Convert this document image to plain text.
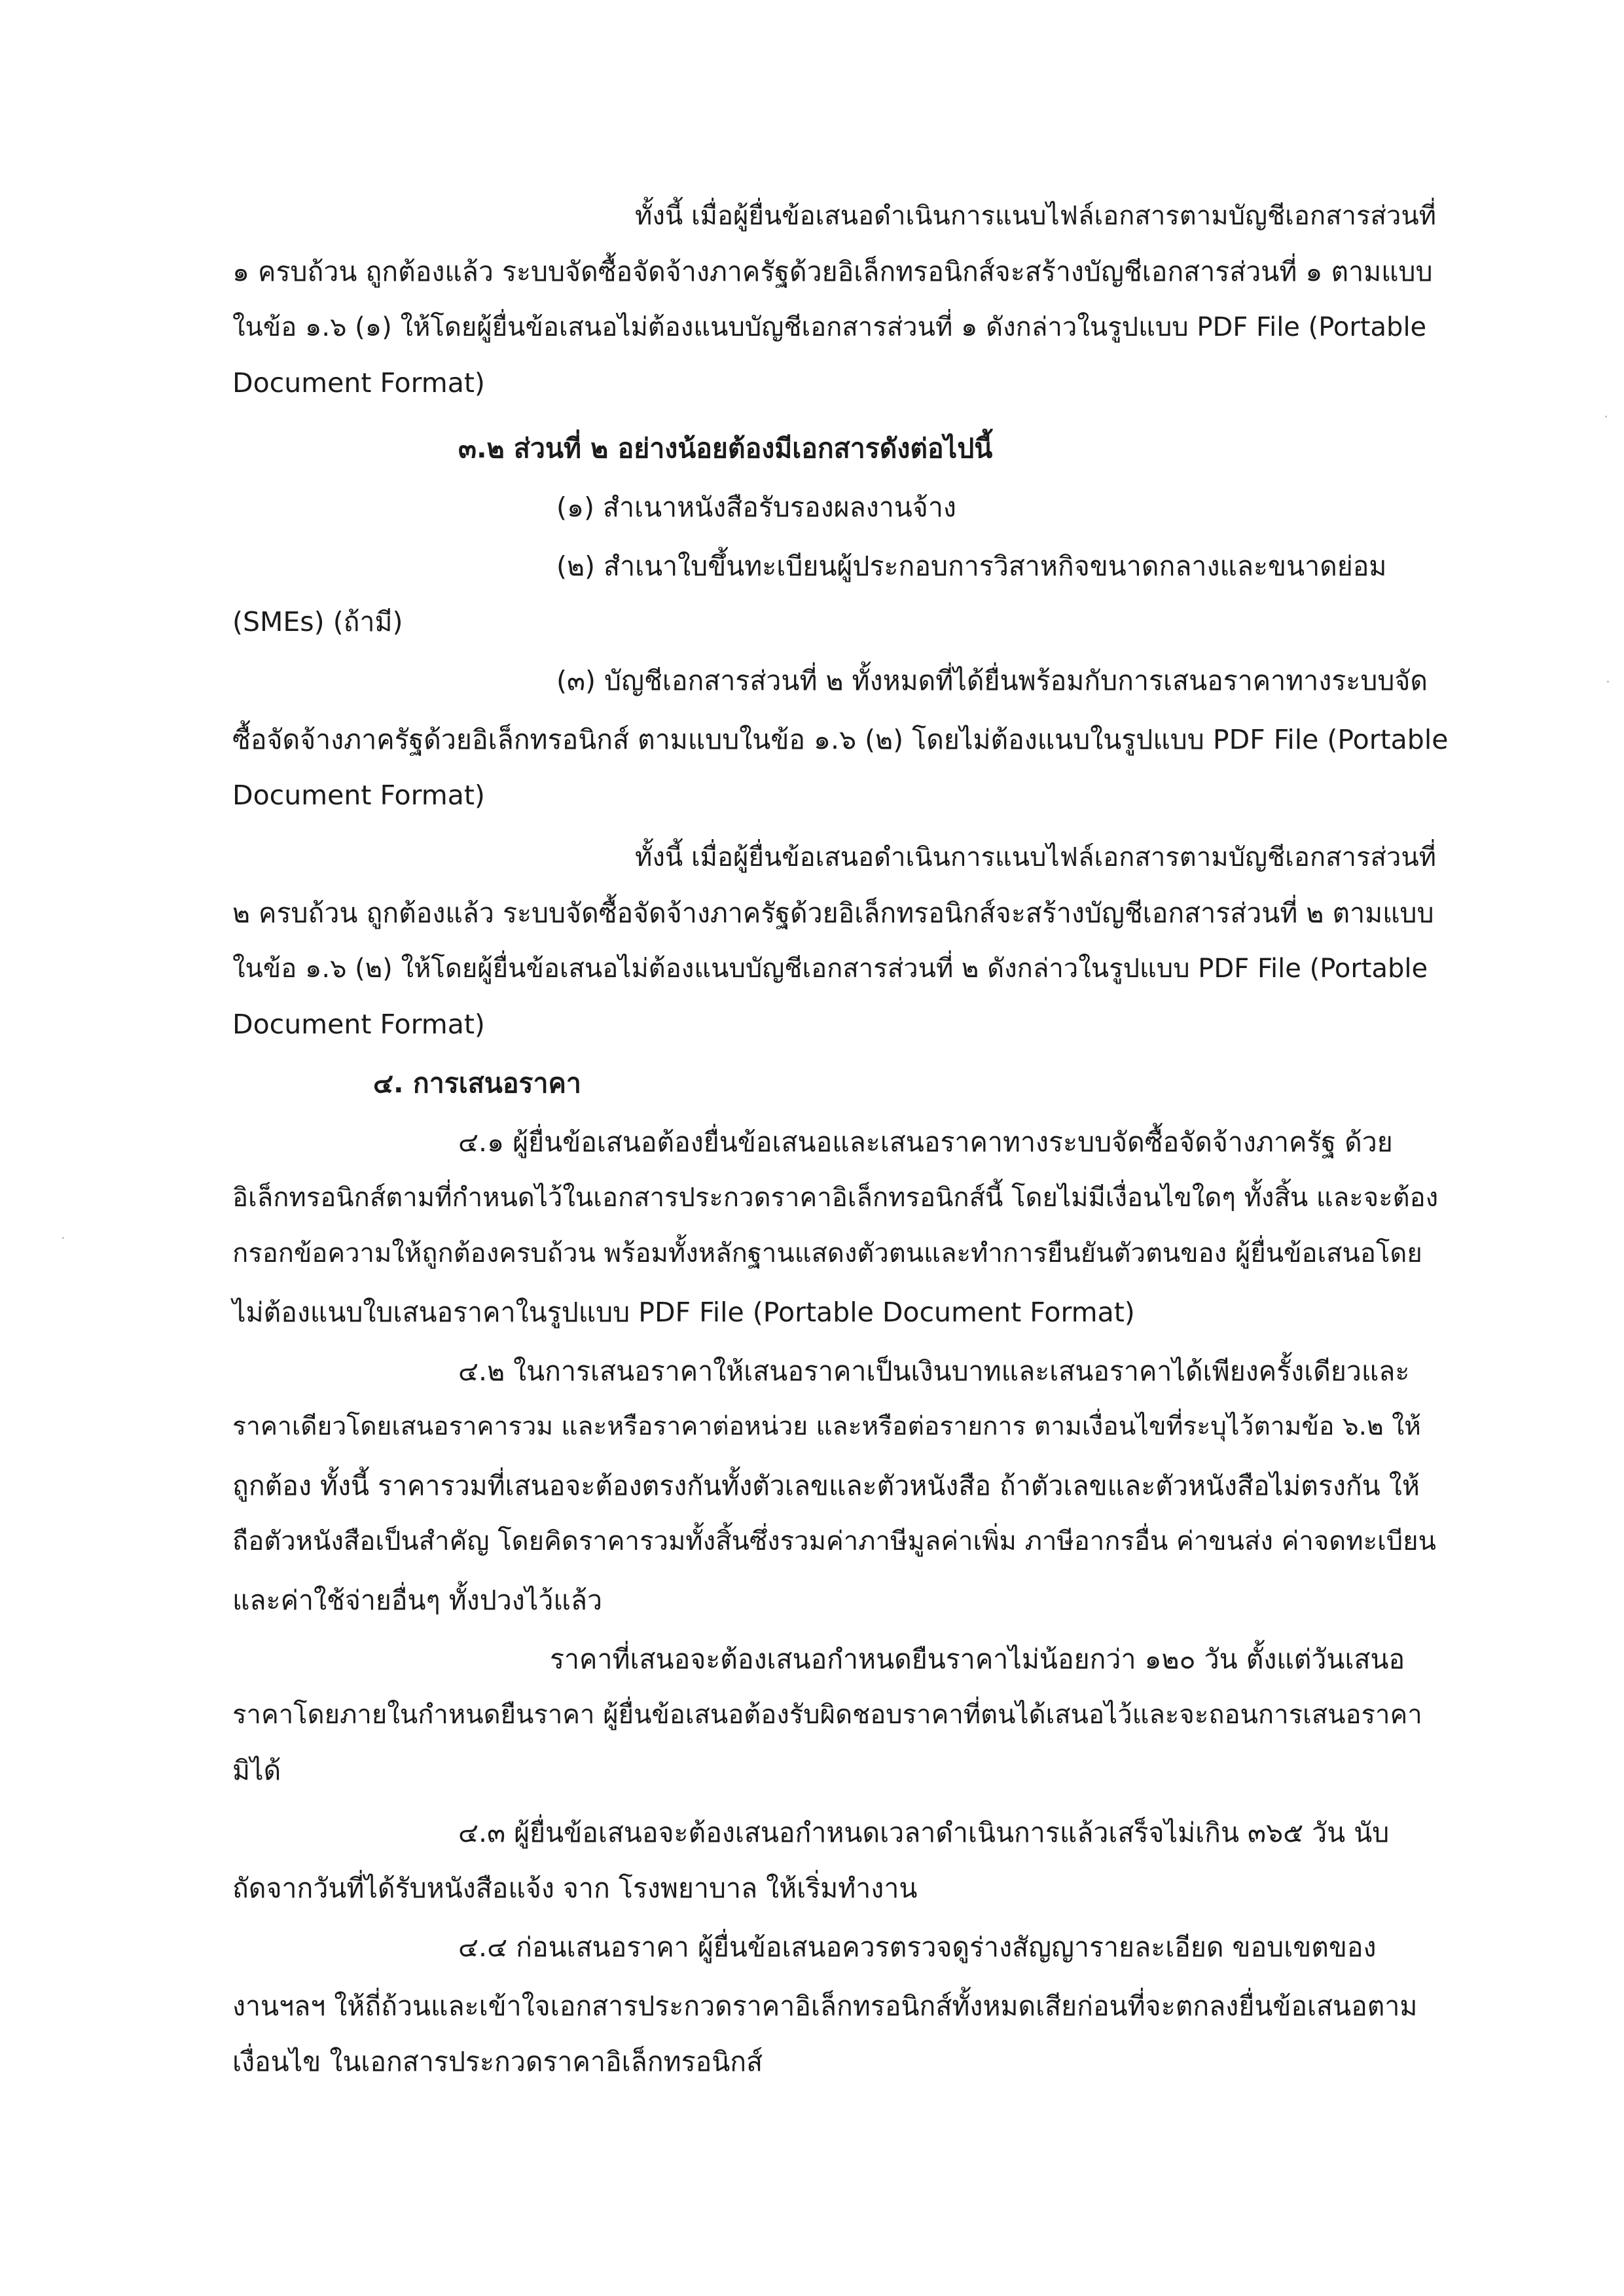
ทั้งนี้ เมื่อผู้ยื่นข้อเสนอดำเนินการแนบไฟล์เอกสารตามบัญชีเอกสารส่วนที่
๑ ครบถ้วน ถูกต้องแล้ว ระบบจัดซื้อจัดจ้างภาครัฐด้วยอิเล็กทรอนิกส์จะสร้างบัญชีเอกสารส่วนที่ ๑ ตามแบบ
ในข้อ ๑.๖ (๑) ให้โดยผู้ยื่นข้อเสนอไม่ต้องแนบบัญชีเอกสารส่วนที่ ๑ ดังกล่าวในรูปแบบ PDF File (Portable
Document Format)
๓.๒ ส่วนที่ ๒ อย่างน้อยต้องมีเอกสารดังต่อไปนี้
(๑) สำเนาหนังสือรับรองผลงานจ้าง
(๒) สำเนาใบขึ้นทะเบียนผู้ประกอบการวิสาหกิจขนาดกลางและขนาดย่อม
(SMEs) (ถ้ามี)
(๓) บัญชีเอกสารส่วนที่ ๒ ทั้งหมดที่ได้ยื่นพร้อมกับการเสนอราคาทางระบบจัด
ซื้อจัดจ้างภาครัฐด้วยอิเล็กทรอนิกส์ ตามแบบในข้อ ๑.๖ (๒) โดยไม่ต้องแนบในรูปแบบ PDF File (Portable
Document Format)
ทั้งนี้ เมื่อผู้ยื่นข้อเสนอดำเนินการแนบไฟล์เอกสารตามบัญชีเอกสารส่วนที่
๒ ครบถ้วน ถูกต้องแล้ว ระบบจัดซื้อจัดจ้างภาครัฐด้วยอิเล็กทรอนิกส์จะสร้างบัญชีเอกสารส่วนที่ ๒ ตามแบบ
ในข้อ ๑.๖ (๒) ให้โดยผู้ยื่นข้อเสนอไม่ต้องแนบบัญชีเอกสารส่วนที่ ๒ ดังกล่าวในรูปแบบ PDF File (Portable
Document Format)
๔. การเสนอราคา
๔.๑ ผู้ยื่นข้อเสนอต้องยื่นข้อเสนอและเสนอราคาทางระบบจัดซื้อจัดจ้างภาครัฐ ด้วย
อิเล็กทรอนิกส์ตามที่กำหนดไว้ในเอกสารประกวดราคาอิเล็กทรอนิกส์นี้ โดยไม่มีเงื่อนไขใดๆ ทั้งสิ้น และจะต้อง
กรอกข้อความให้ถูกต้องครบถ้วน พร้อมทั้งหลักฐานแสดงตัวตนและทำการยืนยันตัวตนของ ผู้ยื่นข้อเสนอโดย
ไม่ต้องแนบใบเสนอราคาในรูปแบบ PDF File (Portable Document Format)
๔.๒ ในการเสนอราคาให้เสนอราคาเป็นเงินบาทและเสนอราคาได้เพียงครั้งเดียวและ
ราคาเดียวโดยเสนอราคารวม และหรือราคาต่อหน่วย และหรือต่อรายการ ตามเงื่อนไขที่ระบุไว้ตามข้อ ๖.๒ ให้
ถูกต้อง ทั้งนี้ ราคารวมที่เสนอจะต้องตรงกันทั้งตัวเลขและตัวหนังสือ ถ้าตัวเลขและตัวหนังสือไม่ตรงกัน ให้
ถือตัวหนังสือเป็นสำคัญ โดยคิดราคารวมทั้งสิ้นซึ่งรวมค่าภาษีมูลค่าเพิ่ม ภาษีอากรอื่น ค่าขนส่ง ค่าจดทะเบียน
และค่าใช้จ่ายอื่นๆ ทั้งปวงไว้แล้ว
ราคาที่เสนอจะต้องเสนอกำหนดยืนราคาไม่น้อยกว่า ๑๒๐ วัน ตั้งแต่วันเสนอ
ราคาโดยภายในกำหนดยืนราคา ผู้ยื่นข้อเสนอต้องรับผิดชอบราคาที่ตนได้เสนอไว้และจะถอนการเสนอราคา
มิได้
๔.๓ ผู้ยื่นข้อเสนอจะต้องเสนอกำหนดเวลาดำเนินการแล้วเสร็จไม่เกิน ๓๖๕ วัน นับ
ถัดจากวันที่ได้รับหนังสือแจ้ง จาก โรงพยาบาล ให้เริ่มทำงาน
๔.๔ ก่อนเสนอราคา ผู้ยื่นข้อเสนอควรตรวจดูร่างสัญญารายละเอียด ขอบเขตของ
งานฯลฯ ให้ถี่ถ้วนและเข้าใจเอกสารประกวดราคาอิเล็กทรอนิกส์ทั้งหมดเสียก่อนที่จะตกลงยื่นข้อเสนอตาม
เงื่อนไข ในเอกสารประกวดราคาอิเล็กทรอนิกส์
